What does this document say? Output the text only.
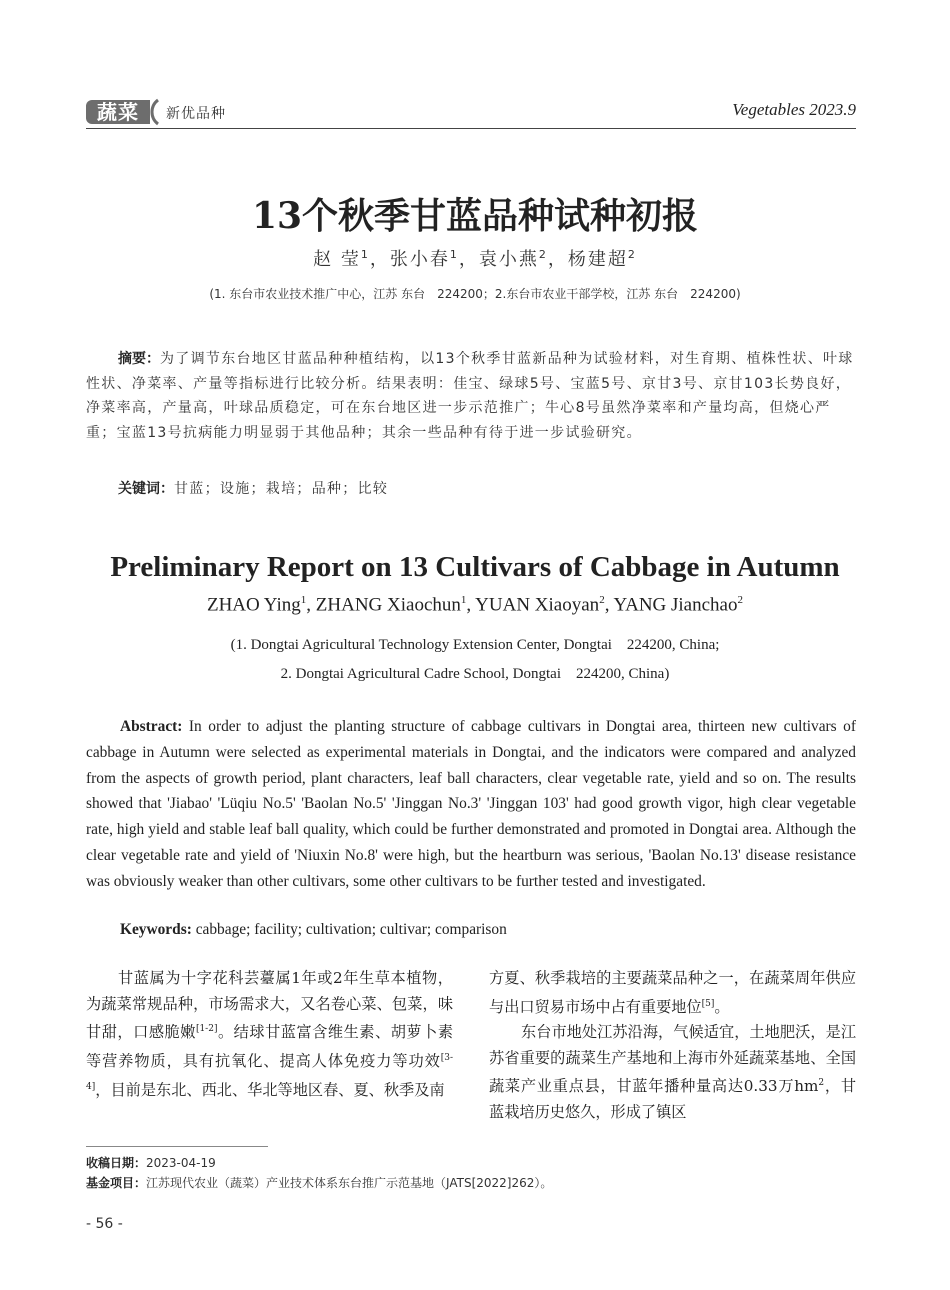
蔬菜	新优品种	Vegetables 2023.9
13个秋季甘蓝品种试种初报
赵 莹$^1$，张小春$^1$，袁小燕$^2$，杨建超$^2$
(1. 东台市农业技术推广中心，江苏 东台　224200；2.东台市农业干部学校，江苏 东台　224200)
摘要：为了调节东台地区甘蓝品种种植结构，以13个秋季甘蓝新品种为试验材料，对生育期、植株性状、叶球性状、净菜率、产量等指标进行比较分析。结果表明：佳宝、绿球5号、宝蓝5号、京甘3号、京甘103长势良好，净菜率高，产量高，叶球品质稳定，可在东台地区进一步示范推广；牛心8号虽然净菜率和产量均高，但烧心严重；宝蓝13号抗病能力明显弱于其他品种；其余一些品种有待于进一步试验研究。
关键词：甘蓝；设施；栽培；品种；比较
Preliminary Report on 13 Cultivars of Cabbage in Autumn
ZHAO Ying$^1$, ZHANG Xiaochun$^1$, YUAN Xiaoyan$^2$, YANG Jianchao$^2$
(1. Dongtai Agricultural Technology Extension Center, Dongtai　224200, China;
2. Dongtai Agricultural Cadre School, Dongtai　224200, China)
Abstract: In order to adjust the planting structure of cabbage cultivars in Dongtai area, thirteen new cultivars of cabbage in Autumn were selected as experimental materials in Dongtai, and the indicators were compared and analyzed from the aspects of growth period, plant characters, leaf ball characters, clear vegetable rate, yield and so on. The results showed that 'Jiabao' 'Lüqiu No.5' 'Baolan No.5' 'Jinggan No.3' 'Jinggan 103' had good growth vigor, high clear vegetable rate, high yield and stable leaf ball quality, which could be further demonstrated and promoted in Dongtai area. Although the clear vegetable rate and yield of 'Niuxin No.8' were high, but the heartburn was serious, 'Baolan No.13' disease resistance was obviously weaker than other cultivars, some other cultivars to be further tested and investigated.
Keywords: cabbage; facility; cultivation; cultivar; comparison

甘蓝属为十字花科芸薹属1年或2年生草本植物，为蔬菜常规品种，市场需求大，又名卷心菜、包菜，味甘甜，口感脆嫩[1-2]。结球甘蓝富含维生素、胡萝卜素等营养物质，具有抗氧化、提高人体免疫力等功效[3-4]，目前是东北、西北、华北等地区春、夏、秋季及南

方夏、秋季栽培的主要蔬菜品种之一，在蔬菜周年供应与出口贸易市场中占有重要地位[5]。

东台市地处江苏沿海，气候适宜，土地肥沃，是江苏省重要的蔬菜生产基地和上海市外延蔬菜基地、全国蔬菜产业重点县，甘蓝年播种量高达0.33万$hm^2$，甘蓝栽培历史悠久，形成了镇区

收稿日期：2023-04-19
基金项目：江苏现代农业（蔬菜）产业技术体系东台推广示范基地（JATS[2022]262）。
- 56 -
